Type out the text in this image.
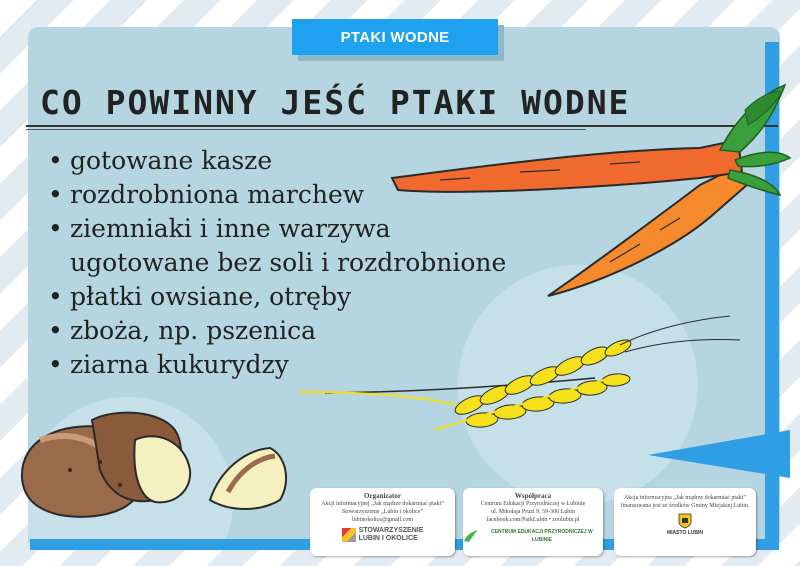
PTAKI WODNE
CO POWINNY JEŚĆ PTAKI WODNE
• gotowane kasze
• rozdrobniona marchew
• ziemniaki i inne warzywa
ugotowane bez soli i rozdrobnione
• płatki owsiane, otręby
• zboża, np. pszenica
• ziarna kukurydzy
Organizator
Akcji informacyjnej „Jak mądrze dokarmiać ptaki”
Stowarzyszenie „Lubin i okolice”
lubinokolice@gmail.com
STOWARZYSZENIE
LUBIN I OKOLICE
Współpraca
Centrum Edukacji Przyrodniczej w Lubinie
ul. Mikołaja Pruzi 9, 59-300 Lubin
facebook.com/ParkLubin • zoolubin.pl
CENTRUM EDUKACJI PRZYRODNICZEJ W LUBINIE
Akcja informacyjna „Jak mądrze dokarmiać ptaki”
finansowana jest ze środków Gminy Miejskiej Lubin.
MIASTO LUBIN
